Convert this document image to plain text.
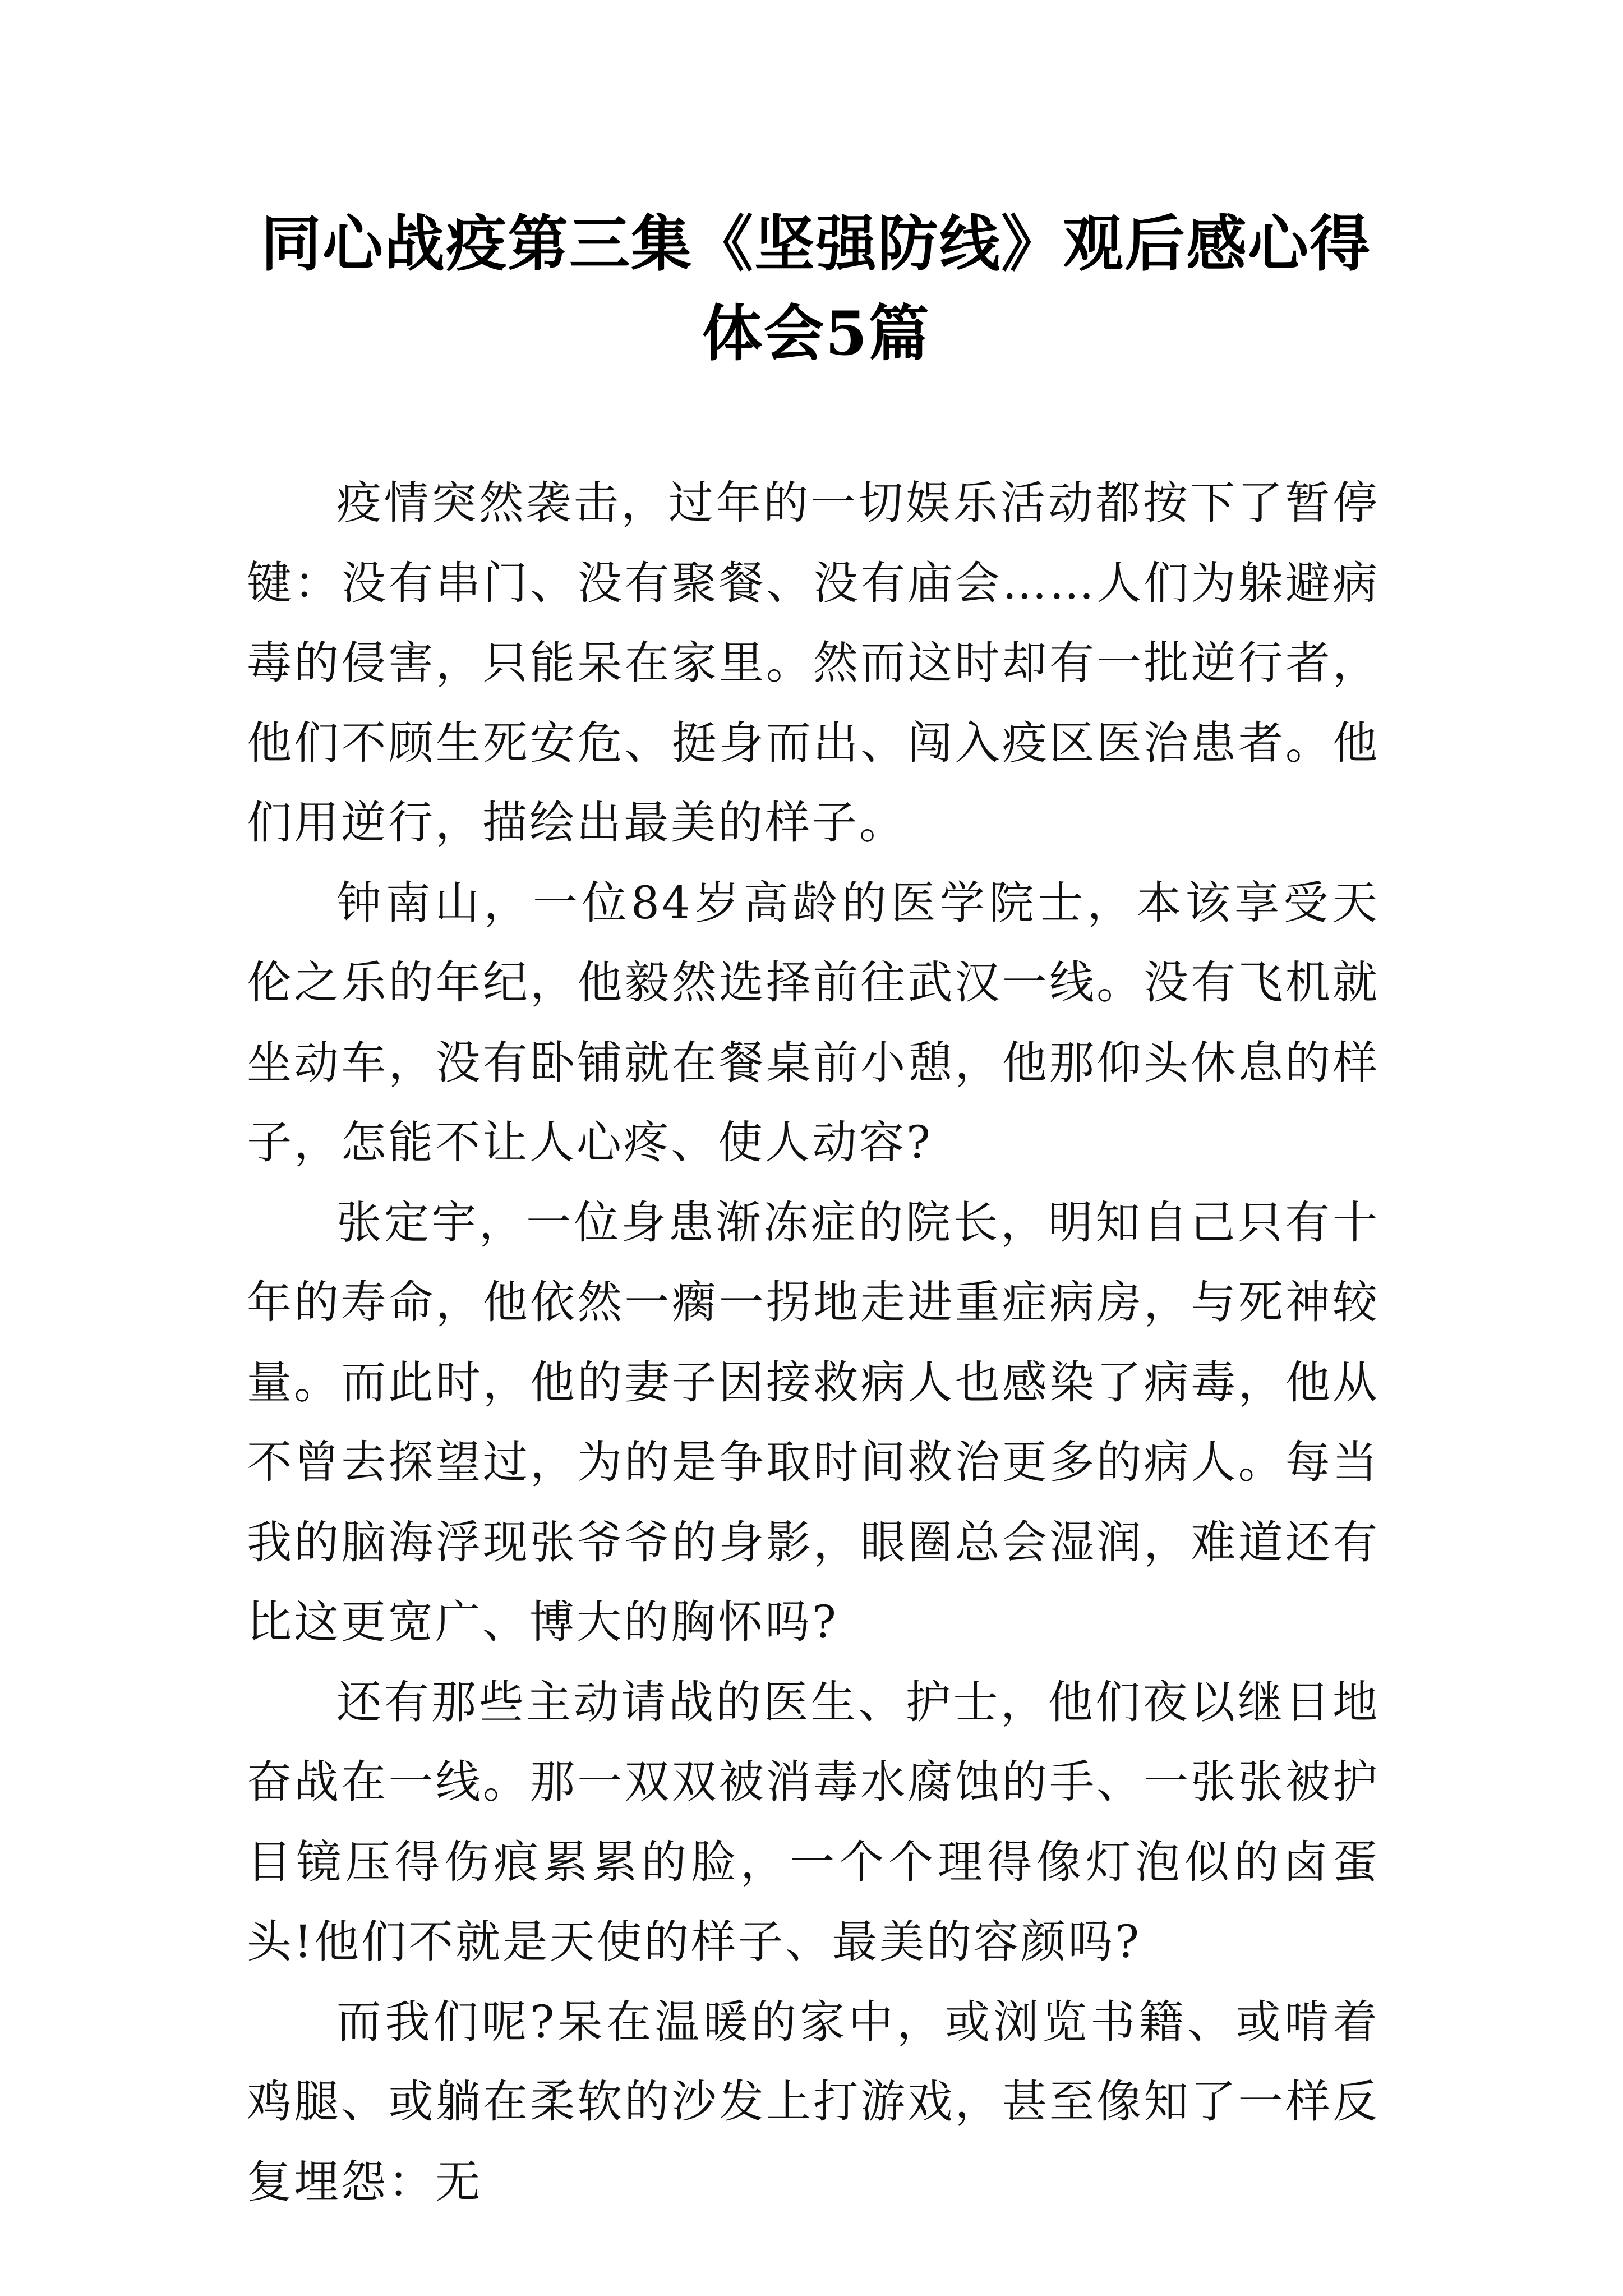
同心战疫第三集《坚强防线》观后感心得体会5篇

疫情突然袭击，过年的一切娱乐活动都按下了暂停键：没有串门、没有聚餐、没有庙会……人们为躲避病毒的侵害，只能呆在家里。然而这时却有一批逆行者，他们不顾生死安危、挺身而出、闯入疫区医治患者。他们用逆行，描绘出最美的样子。

钟南山，一位84岁高龄的医学院士，本该享受天伦之乐的年纪，他毅然选择前往武汉一线。没有飞机就坐动车，没有卧铺就在餐桌前小憩，他那仰头休息的样子，怎能不让人心疼、使人动容?

张定宇，一位身患渐冻症的院长，明知自己只有十年的寿命，他依然一瘸一拐地走进重症病房，与死神较量。而此时，他的妻子因接救病人也感染了病毒，他从不曾去探望过，为的是争取时间救治更多的病人。每当我的脑海浮现张爷爷的身影，眼圈总会湿润，难道还有比这更宽广、博大的胸怀吗?

还有那些主动请战的医生、护士，他们夜以继日地奋战在一线。那一双双被消毒水腐蚀的手、一张张被护目镜压得伤痕累累的脸，一个个理得像灯泡似的卤蛋头!他们不就是天使的样子、最美的容颜吗?

而我们呢?呆在温暖的家中，或浏览书籍、或啃着鸡腿、或躺在柔软的沙发上打游戏，甚至像知了一样反复埋怨：无
